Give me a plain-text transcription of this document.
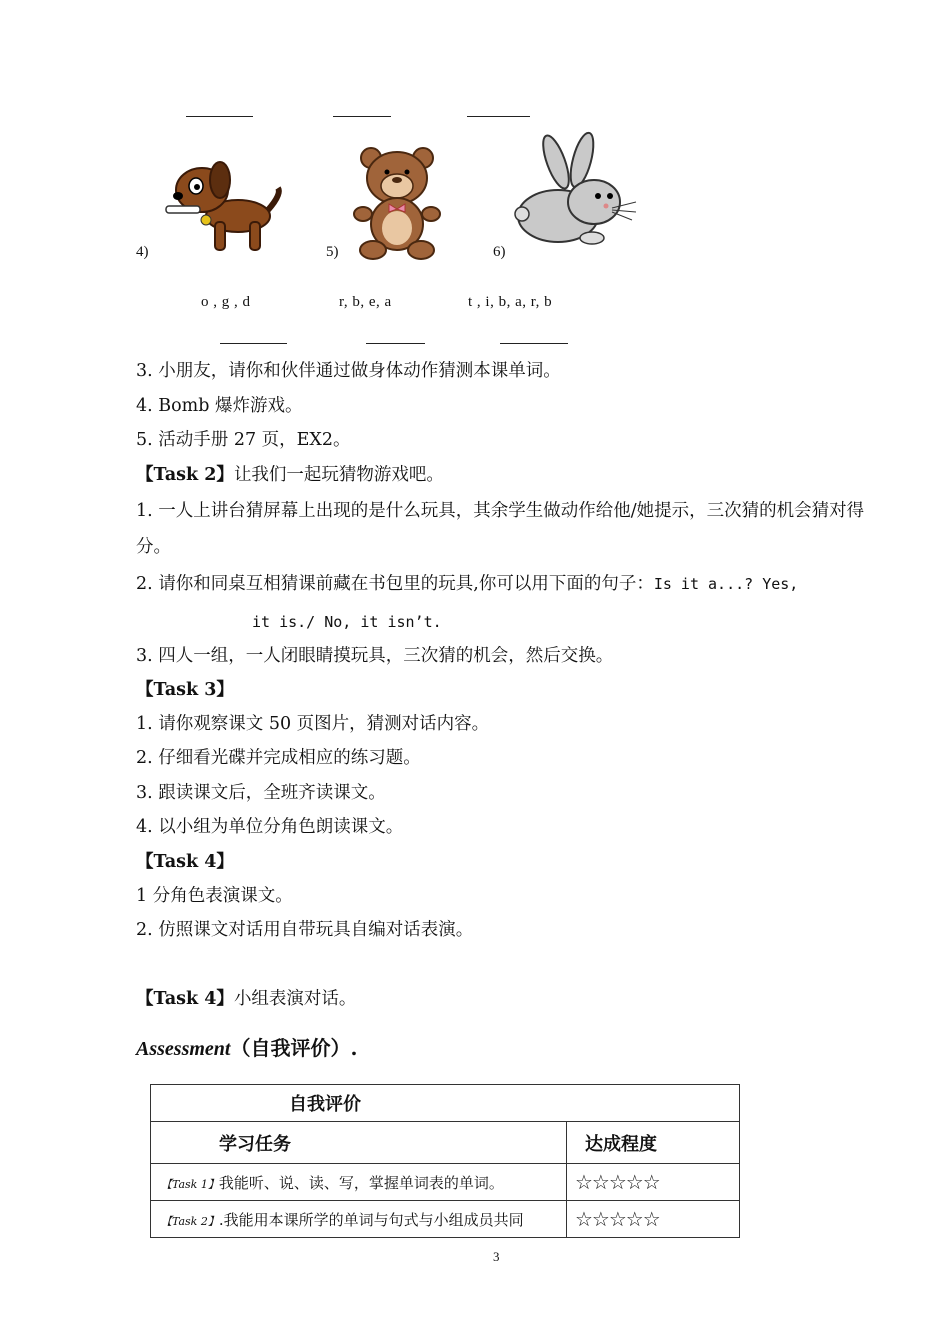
4)	5)	6)
o , g , d	r, b, e, a	t , i, b, a, r, b
3. 小朋友，请你和伙伴通过做身体动作猜测本课单词。
4. Bomb 爆炸游戏。
5. 活动手册 27 页，EX2。
【Task 2】让我们一起玩猜物游戏吧。
1. 一人上讲台猜屏幕上出现的是什么玩具，其余学生做动作给他/她提示，三次猜的机会猜对得分。
2. 请你和同桌互相猜课前藏在书包里的玩具,你可以用下面的句子：Is it a...? Yes,
it is./ No, it isn’t.
3. 四人一组，一人闭眼睛摸玩具，三次猜的机会，然后交换。
【Task 3】
1. 请你观察课文 50 页图片，猜测对话内容。
2. 仔细看光碟并完成相应的练习题。
3. 跟读课文后，全班齐读课文。
4. 以小组为单位分角色朗读课文。
【Task 4】
1 分角色表演课文。
2. 仿照课文对话用自带玩具自编对话表演。
【Task 4】小组表演对话。
Assessment（自我评价）.
自我评价	
学习任务	达成程度
【Task 1】我能听、说、读、写，掌握单词表的单词。	☆☆☆☆☆
【Task 2】.我能用本课所学的单词与句式与小组成员共同	☆☆☆☆☆
3
